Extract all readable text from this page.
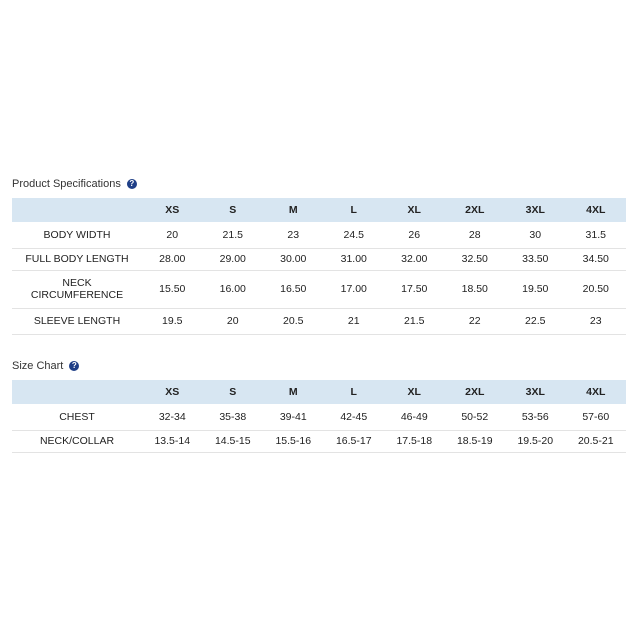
Product Specifications	?
	XS	S	M	L	XL	2XL	3XL	4XL
BODY WIDTH	20	21.5	23	24.5	26	28	30	31.5
FULL BODY LENGTH	28.00	29.00	30.00	31.00	32.00	32.50	33.50	34.50
NECK CIRCUMFERENCE	15.50	16.00	16.50	17.00	17.50	18.50	19.50	20.50
SLEEVE LENGTH	19.5	20	20.5	21	21.5	22	22.5	23
Size Chart	?
	XS	S	M	L	XL	2XL	3XL	4XL
CHEST	32-34	35-38	39-41	42-45	46-49	50-52	53-56	57-60
NECK/COLLAR	13.5-14	14.5-15	15.5-16	16.5-17	17.5-18	18.5-19	19.5-20	20.5-21
